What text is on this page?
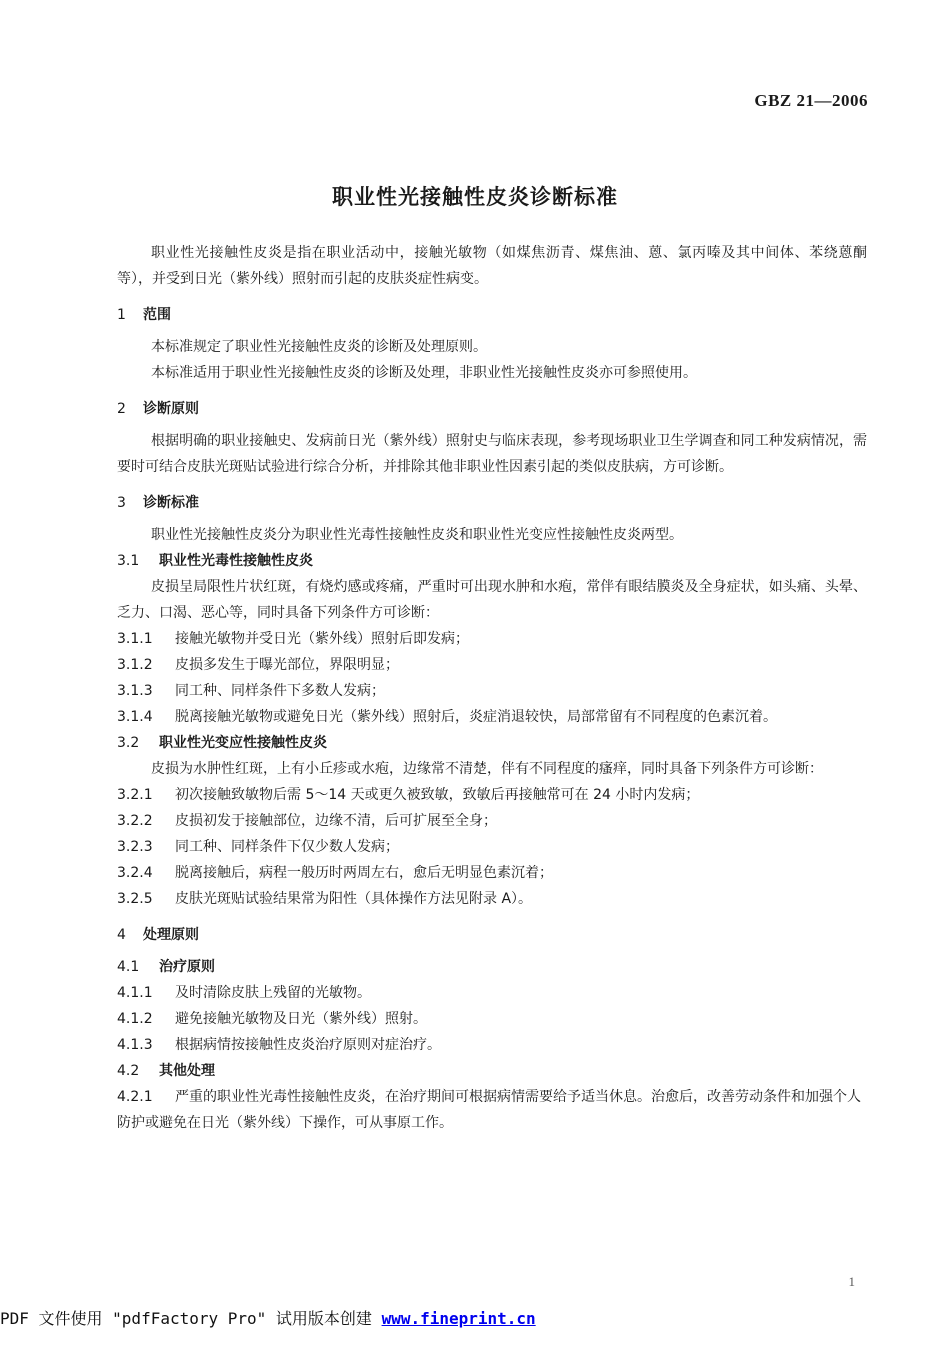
GBZ 21—2006
职业性光接触性皮炎诊断标准

职业性光接触性皮炎是指在职业活动中，接触光敏物（如煤焦沥青、煤焦油、蒽、氯丙嗪及其中间体、苯绕蒽酮等），并受到日光（紫外线）照射而引起的皮肤炎症性病变。

1 范围

本标准规定了职业性光接触性皮炎的诊断及处理原则。

本标准适用于职业性光接触性皮炎的诊断及处理，非职业性光接触性皮炎亦可参照使用。

2 诊断原则

根据明确的职业接触史、发病前日光（紫外线）照射史与临床表现，参考现场职业卫生学调查和同工种发病情况，需要时可结合皮肤光斑贴试验进行综合分析，并排除其他非职业性因素引起的类似皮肤病，方可诊断。

3 诊断标准

职业性光接触性皮炎分为职业性光毒性接触性皮炎和职业性光变应性接触性皮炎两型。

3.1 职业性光毒性接触性皮炎

皮损呈局限性片状红斑，有烧灼感或疼痛，严重时可出现水肿和水疱，常伴有眼结膜炎及全身症状，如头痛、头晕、乏力、口渴、恶心等，同时具备下列条件方可诊断：

3.1.1 接触光敏物并受日光（紫外线）照射后即发病；

3.1.2 皮损多发生于曝光部位，界限明显；

3.1.3 同工种、同样条件下多数人发病；

3.1.4 脱离接触光敏物或避免日光（紫外线）照射后，炎症消退较快，局部常留有不同程度的色素沉着。

3.2 职业性光变应性接触性皮炎

皮损为水肿性红斑，上有小丘疹或水疱，边缘常不清楚，伴有不同程度的瘙痒，同时具备下列条件方可诊断：

3.2.1 初次接触致敏物后需 5～14 天或更久被致敏，致敏后再接触常可在 24 小时内发病；

3.2.2 皮损初发于接触部位，边缘不清，后可扩展至全身；

3.2.3 同工种、同样条件下仅少数人发病；

3.2.4 脱离接触后，病程一般历时两周左右，愈后无明显色素沉着；

3.2.5 皮肤光斑贴试验结果常为阳性（具体操作方法见附录 A）。

4 处理原则

4.1 治疗原则

4.1.1 及时清除皮肤上残留的光敏物。

4.1.2 避免接触光敏物及日光（紫外线）照射。

4.1.3 根据病情按接触性皮炎治疗原则对症治疗。

4.2 其他处理

4.2.1 严重的职业性光毒性接触性皮炎，在治疗期间可根据病情需要给予适当休息。治愈后，改善劳动条件和加强个人防护或避免在日光（紫外线）下操作，可从事原工作。

1
PDF 文件使用 "pdfFactory Pro" 试用版本创建 www.fineprint.cn
